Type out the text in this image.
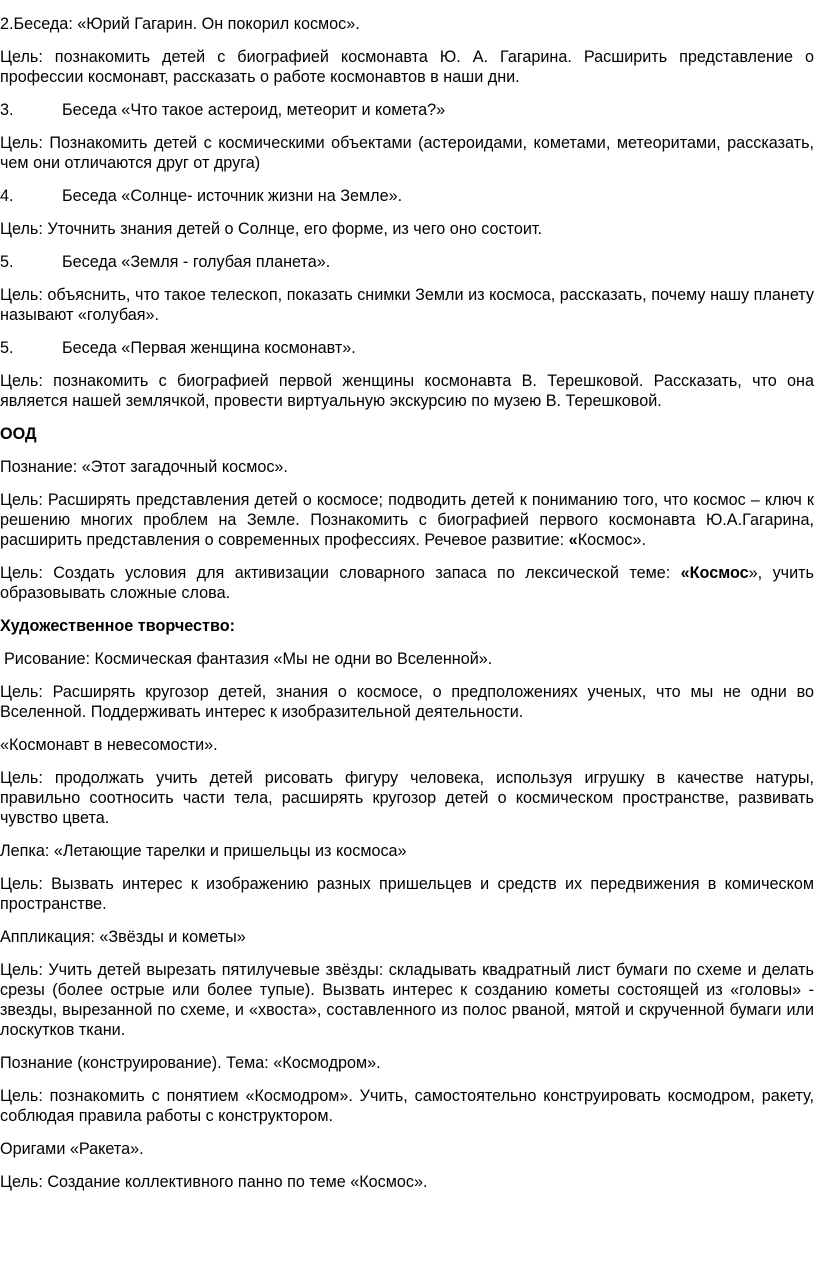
2.Беседа: «Юрий Гагарин. Он покорил космос».
Цель: познакомить детей с биографией космонавта Ю. А. Гагарина. Расширить представление о профессии космонавт, рассказать о работе космонавтов в наши дни.
3.	Беседа «Что такое астероид, метеорит и комета?»
Цель: Познакомить детей с космическими объектами (астероидами, кометами, метеоритами, рассказать, чем они отличаются друг от друга)
4.	Беседа «Солнце- источник жизни на Земле».
Цель: Уточнить знания детей о Солнце, его форме, из чего оно состоит.
5.	Беседа «Земля - голубая планета».
Цель: объяснить, что такое телескоп, показать снимки Земли из космоса, рассказать, почему нашу планету называют «голубая».
5.	Беседа «Первая женщина космонавт».
Цель: познакомить с биографией первой женщины космонавта В. Терешковой. Рассказать, что она является нашей землячкой, провести виртуальную экскурсию по музею В. Терешковой.
ООД
Познание: «Этот загадочный космос».
Цель: Расширять представления детей о космосе; подводить детей к пониманию того, что космос – ключ к решению многих проблем на Земле. Познакомить с биографией первого космонавта Ю.А.Гагарина, расширить представления о современных профессиях. Речевое развитие: «Космос».
Цель: Создать условия для активизации словарного запаса по лексической теме: «Космос», учить образовывать сложные слова.
Художественное творчество:
Рисование: Космическая фантазия «Мы не одни во Вселенной».
Цель: Расширять кругозор детей, знания о космосе, о предположениях ученых, что мы не одни во Вселенной. Поддерживать интерес к изобразительной деятельности.
«Космонавт в невесомости».
Цель: продолжать учить детей рисовать фигуру человека, используя игрушку в качестве натуры, правильно соотносить части тела, расширять кругозор детей о космическом пространстве, развивать чувство цвета.
Лепка: «Летающие тарелки и пришельцы из космоса»
Цель: Вызвать интерес к изображению разных пришельцев и средств их передвижения в комическом пространстве.
Аппликация: «Звёзды и кометы»
Цель: Учить детей вырезать пятилучевые звёзды: складывать квадратный лист бумаги по схеме и делать срезы (более острые или более тупые). Вызвать интерес к созданию кометы состоящей из «головы» - звезды, вырезанной по схеме, и «хвоста», составленного из полос рваной, мятой и скрученной бумаги или лоскутков ткани.
Познание (конструирование). Тема: «Космодром».
Цель: познакомить с понятием «Космодром». Учить, самостоятельно конструировать космодром, ракету, соблюдая правила работы с конструктором.
Оригами «Ракета».
Цель: Создание коллективного панно по теме «Космос».
